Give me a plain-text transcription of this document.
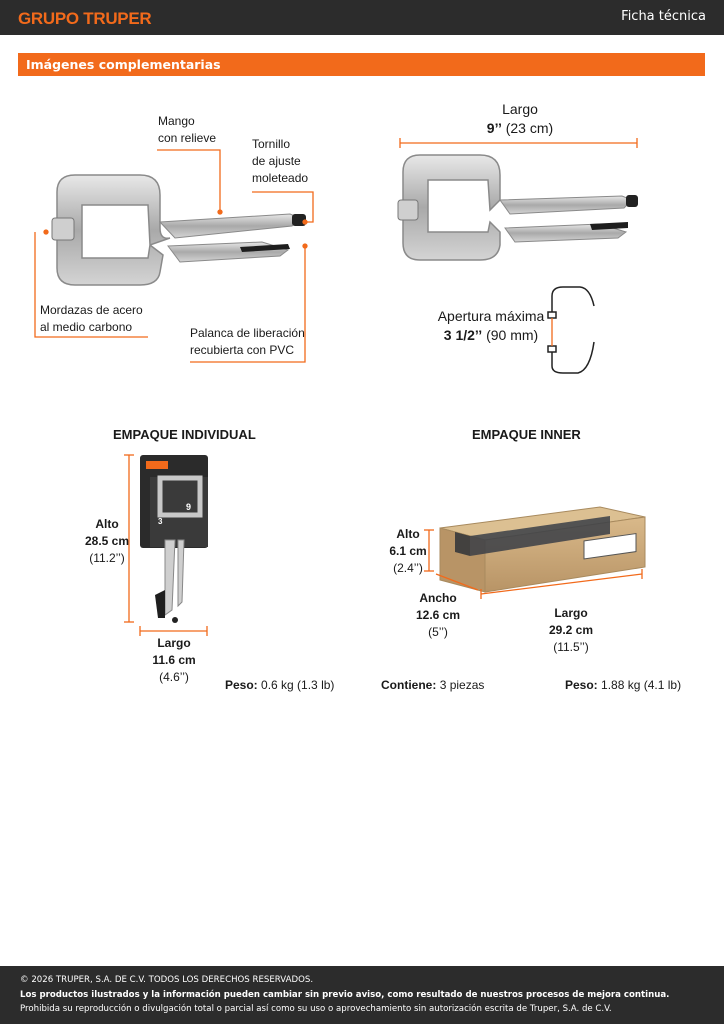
GRUPO TRUPER	Ficha técnica
Imágenes complementarias
9
3
Mango
con relieve	Tornillo
de ajuste
moleteado
Mordazas de acero
al medio carbono	Palanca de liberación
recubierta con PVC
Largo
9’’ (23 cm)
Apertura máxima
3 1/2’’ (90 mm)
EMPAQUE INDIVIDUAL
Alto
28.5 cm
(11.2’’)
Largo
11.6 cm
(4.6’’)
Peso: 0.6 kg (1.3 lb)
EMPAQUE INNER
Alto
6.1 cm
(2.4’’)
Ancho
12.6 cm
(5’’)
Largo
29.2 cm
(11.5’’)
Contiene: 3 piezas	Peso: 1.88 kg (4.1 lb)
© 2026 TRUPER, S.A. DE C.V. TODOS LOS DERECHOS RESERVADOS.
Los productos ilustrados y la información pueden cambiar sin previo aviso, como resultado de nuestros procesos de mejora continua.
Prohibida su reproducción o divulgación total o parcial así como su uso o aprovechamiento sin autorización escrita de Truper, S.A. de C.V.
